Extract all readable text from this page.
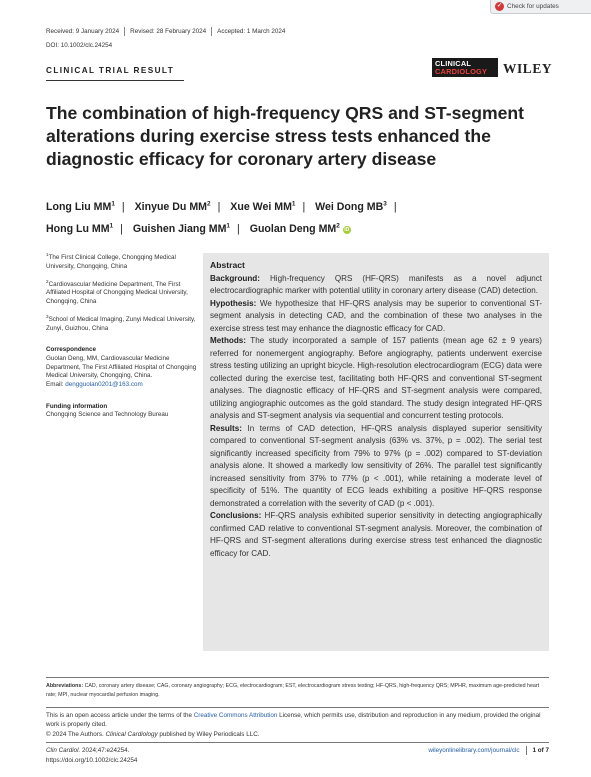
✓ Check for updates
Received: 9 January 2024 Revised: 28 February 2024 Accepted: 1 March 2024
DOI: 10.1002/clc.24254
CLINICAL TRIAL RESULT
CLINICAL
CARDIOLOGY	WILEY
The combination of high-frequency QRS and ST-segment alterations during exercise stress tests enhanced the diagnostic efficacy for coronary artery disease
Long Liu $MM^1$ | Xinyue Du $MM^2$ | Xue Wei $MM^1$ | Wei Dong $MB^3$ |
Hong Lu $MM^1$ | Guishen Jiang $MM^1$ | Guolan Deng $MM^2$ iD

$^1$The First Clinical College, Chongqing Medical University, Chongqing, China

$^2$Cardiovascular Medicine Department, The First Affiliated Hospital of Chongqing Medical University, Chongqing, China

$^3$School of Medical Imaging, Zunyi Medical University, Zunyi, Guizhou, China

Correspondence

Guolan Deng, MM, Cardiovascular Medicine Department, The First Affiliated Hospital of Chongqing Medical University, Chongqing, China.
Email: dengguolan0201@163.com

Funding information

Chongqing Science and Technology Bureau

Abstract

Background: High-frequency QRS (HF-QRS) manifests as a novel adjunct electrocardiographic marker with potential utility in coronary artery disease (CAD) detection.

Hypothesis: We hypothesize that HF-QRS analysis may be superior to conventional ST-segment analysis in detecting CAD, and the combination of these two analyses in the exercise stress test may enhance the diagnostic efficacy for CAD.

Methods: The study incorporated a sample of 157 patients (mean age 62 ± 9 years) referred for nonemergent angiography. Before angiography, patients underwent exercise stress testing utilizing an upright bicycle. High-resolution electrocardiogram (ECG) data were collected during the exercise test, facilitating both HF-QRS and conventional ST-segment analyses. The diagnostic efficacy of HF-QRS and ST-segment analysis were compared, utilizing angiographic outcomes as the gold standard. The study design integrated HF-QRS analysis and ST-segment analysis via sequential and concurrent testing protocols.

Results: In terms of CAD detection, HF-QRS analysis displayed superior sensitivity compared to conventional ST-segment analysis (63% vs. 37%, p = .002). The serial test significantly increased specificity from 79% to 97% (p = .002) compared to ST-deviation analysis alone. It showed a markedly low sensitivity of 26%. The parallel test significantly increased sensitivity from 37% to 77% (p < .001), while retaining a moderate level of specificity of 51%. The quantity of ECG leads exhibiting a positive HF-QRS response demonstrated a correlation with the severity of CAD (p < .001).

Conclusions: HF-QRS analysis exhibited superior sensitivity in detecting angiographically confirmed CAD relative to conventional ST-segment analysis. Moreover, the combination of HF-QRS and ST-segment alterations during exercise stress test enhanced the diagnostic efficacy for CAD.

Abbreviations: CAD, coronary artery disease; CAG, coronary angiography; ECG, electrocardiogram; EST, electrocardiogram stress testing; HF-QRS, high-frequency QRS; MPHR, maximum age-predicted heart rate; MPI, nuclear myocardial perfusion imaging.
This is an open access article under the terms of the Creative Commons Attribution License, which permits use, distribution and reproduction in any medium, provided the original work is properly cited.
© 2024 The Authors. Clinical Cardiology published by Wiley Periodicals LLC.
Clin Cardiol. 2024;47:e24254.
https://doi.org/10.1002/clc.24254
wileyonlinelibrary.com/journal/clc 1 of 7
